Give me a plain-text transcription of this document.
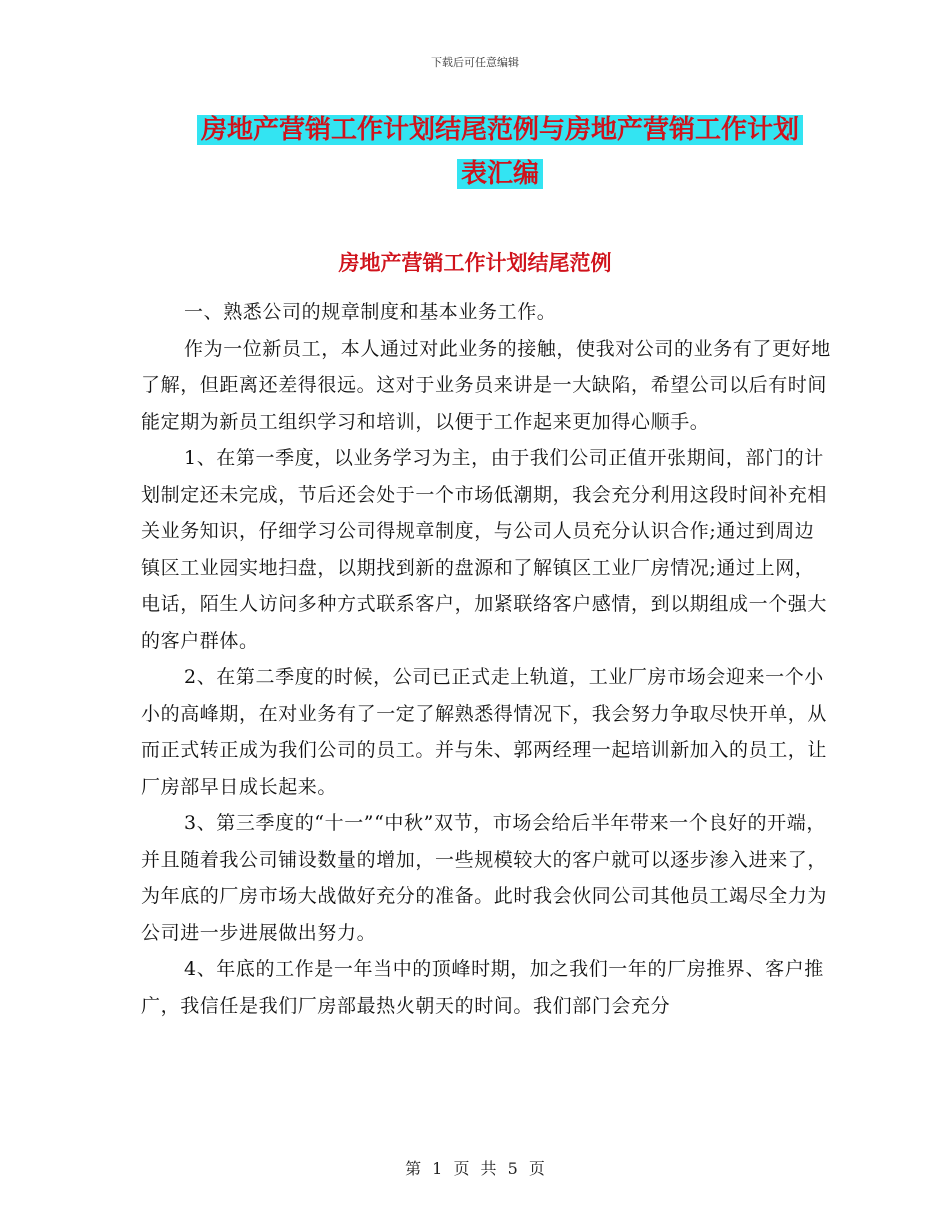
下载后可任意编辑
房地产营销工作计划结尾范例与房地产营销工作计划
表汇编
房地产营销工作计划结尾范例

一、熟悉公司的规章制度和基本业务工作。

作为一位新员工，本人通过对此业务的接触，使我对公司的业务有了更好地了解，但距离还差得很远。这对于业务员来讲是一大缺陷，希望公司以后有时间能定期为新员工组织学习和培训，以便于工作起来更加得心顺手。

1、在第一季度，以业务学习为主，由于我们公司正值开张期间，部门的计划制定还未完成，节后还会处于一个市场低潮期，我会充分利用这段时间补充相关业务知识，仔细学习公司得规章制度，与公司人员充分认识合作;通过到周边镇区工业园实地扫盘，以期找到新的盘源和了解镇区工业厂房情况;通过上网，电话，陌生人访问多种方式联系客户，加紧联络客户感情，到以期组成一个强大的客户群体。

2、在第二季度的时候，公司已正式走上轨道，工业厂房市场会迎来一个小小的高峰期，在对业务有了一定了解熟悉得情况下，我会努力争取尽快开单，从而正式转正成为我们公司的员工。并与朱、郭两经理一起培训新加入的员工，让厂房部早日成长起来。

3、第三季度的“十一”“中秋”双节，市场会给后半年带来一个良好的开端，并且随着我公司铺设数量的增加，一些规模较大的客户就可以逐步渗入进来了，为年底的厂房市场大战做好充分的准备。此时我会伙同公司其他员工竭尽全力为公司进一步进展做出努力。

4、年底的工作是一年当中的顶峰时期，加之我们一年的厂房推界、客户推广，我信任是我们厂房部最热火朝天的时间。我们部门会充分

第 1 页 共 5 页
